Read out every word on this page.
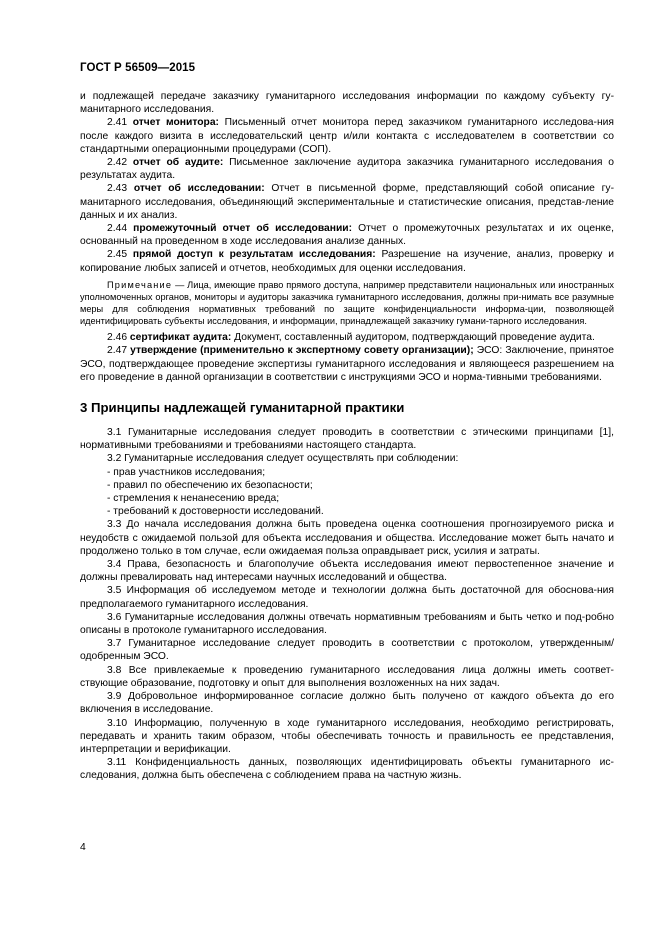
ГОСТ Р 56509—2015

и подлежащей передаче заказчику гуманитарного исследования информации по каждому субъекту гу-манитарного исследования.

2.41 отчет монитора: Письменный отчет монитора перед заказчиком гуманитарного исследова-ния после каждого визита в исследовательский центр и/или контакта с исследователем в соответствии со стандартными операционными процедурами (СОП).

2.42 отчет об аудите: Письменное заключение аудитора заказчика гуманитарного исследования о результатах аудита.

2.43 отчет об исследовании: Отчет в письменной форме, представляющий собой описание гу-манитарного исследования, объединяющий экспериментальные и статистические описания, представ-ление данных и их анализ.

2.44 промежуточный отчет об исследовании: Отчет о промежуточных результатах и их оценке, основанный на проведенном в ходе исследования анализе данных.

2.45 прямой доступ к результатам исследования: Разрешение на изучение, анализ, проверку и копирование любых записей и отчетов, необходимых для оценки исследования.

Примечание — Лица, имеющие право прямого доступа, например представители национальных или иностранных уполномоченных органов, мониторы и аудиторы заказчика гуманитарного исследования, должны при-нимать все разумные меры для соблюдения нормативных требований по защите конфиденциальности информа-ции, позволяющей идентифицировать субъекты исследования, и информации, принадлежащей заказчику гумани-тарного исследования.

2.46 сертификат аудита: Документ, составленный аудитором, подтверждающий проведение аудита.

2.47 утверждение (применительно к экспертному совету организации); ЭСО: Заключение, принятое ЭСО, подтверждающее проведение экспертизы гуманитарного исследования и являющееся разрешением на его проведение в данной организации в соответствии с инструкциями ЭСО и норма-тивными требованиями.

3 Принципы надлежащей гуманитарной практики

3.1 Гуманитарные исследования следует проводить в соответствии с этическими принципами [1], нормативными требованиями и требованиями настоящего стандарта.

3.2 Гуманитарные исследования следует осуществлять при соблюдении:

- прав участников исследования;

- правил по обеспечению их безопасности;

- стремления к ненанесению вреда;

- требований к достоверности исследований.

3.3 До начала исследования должна быть проведена оценка соотношения прогнозируемого риска и неудобств с ожидаемой пользой для объекта исследования и общества. Исследование может быть начато и продолжено только в том случае, если ожидаемая польза оправдывает риск, усилия и затраты.

3.4 Права, безопасность и благополучие объекта исследования имеют первостепенное значение и должны превалировать над интересами научных исследований и общества.

3.5 Информация об исследуемом методе и технологии должна быть достаточной для обоснова-ния предполагаемого гуманитарного исследования.

3.6 Гуманитарные исследования должны отвечать нормативным требованиям и быть четко и под-робно описаны в протоколе гуманитарного исследования.

3.7 Гуманитарное исследование следует проводить в соответствии с протоколом, утвержденным/ одобренным ЭСО.

3.8 Все привлекаемые к проведению гуманитарного исследования лица должны иметь соответ-ствующие образование, подготовку и опыт для выполнения возложенных на них задач.

3.9 Добровольное информированное согласие должно быть получено от каждого объекта до его включения в исследование.

3.10 Информацию, полученную в ходе гуманитарного исследования, необходимо регистрировать, передавать и хранить таким образом, чтобы обеспечивать точность и правильность ее представления, интерпретации и верификации.

3.11 Конфиденциальность данных, позволяющих идентифицировать объекты гуманитарного ис-следования, должна быть обеспечена с соблюдением права на частную жизнь.

4
